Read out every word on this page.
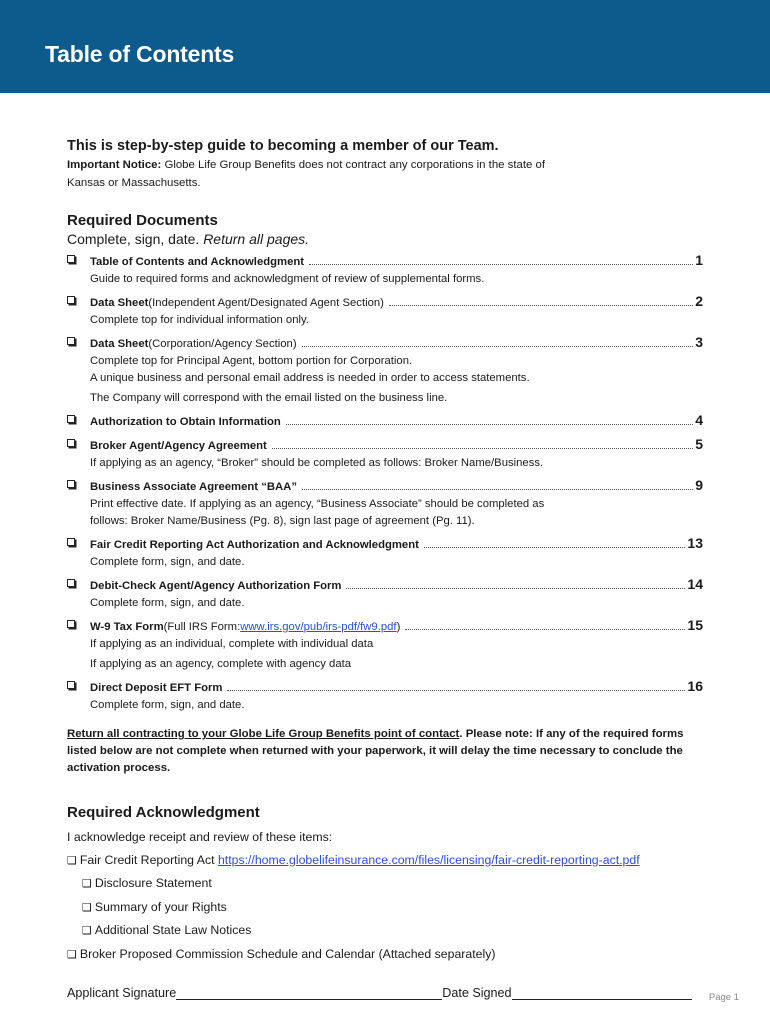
Table of Contents
This is step-by-step guide to becoming a member of our Team.
Important Notice: Globe Life Group Benefits does not contract any corporations in the state of
Kansas or Massachusetts.
Required Documents
Complete, sign, date. Return all pages.
Table of Contents and Acknowledgment	1
Guide to required forms and acknowledgment of review of supplemental forms.
Data Sheet (Independent Agent/Designated Agent Section)	2
Complete top for individual information only.
Data Sheet (Corporation/Agency Section)	3
Complete top for Principal Agent, bottom portion for Corporation.
A unique business and personal email address is needed in order to access statements.
The Company will correspond with the email listed on the business line.
Authorization to Obtain Information	4
Broker Agent/Agency Agreement	5
If applying as an agency, “Broker” should be completed as follows: Broker Name/Business.
Business Associate Agreement “BAA”	9
Print effective date. If applying as an agency, “Business Associate” should be completed as
follows: Broker Name/Business (Pg. 8), sign last page of agreement (Pg. 11).
Fair Credit Reporting Act Authorization and Acknowledgment	13
Complete form, sign, and date.
Debit-Check Agent/Agency Authorization Form	14
Complete form, sign, and date.
W-9 Tax Form (Full IRS Form: www.irs.gov/pub/irs-pdf/fw9.pdf )	15
If applying as an individual, complete with individual data
If applying as an agency, complete with agency data
Direct Deposit EFT Form	16
Complete form, sign, and date.
Return all contracting to your Globe Life Group Benefits point of contact. Please note: If any of the required forms listed below are not complete when returned with your paperwork, it will delay the time necessary to conclude the activation process.
Required Acknowledgment
I acknowledge receipt and review of these items:
❑ Fair Credit Reporting Act https://home.globelifeinsurance.com/files/licensing/fair-credit-reporting-act.pdf
❑ Disclosure Statement
❑ Summary of your Rights
❑ Additional State Law Notices
❑ Broker Proposed Commission Schedule and Calendar (Attached separately)
Applicant Signature	Date Signed	Page 1
